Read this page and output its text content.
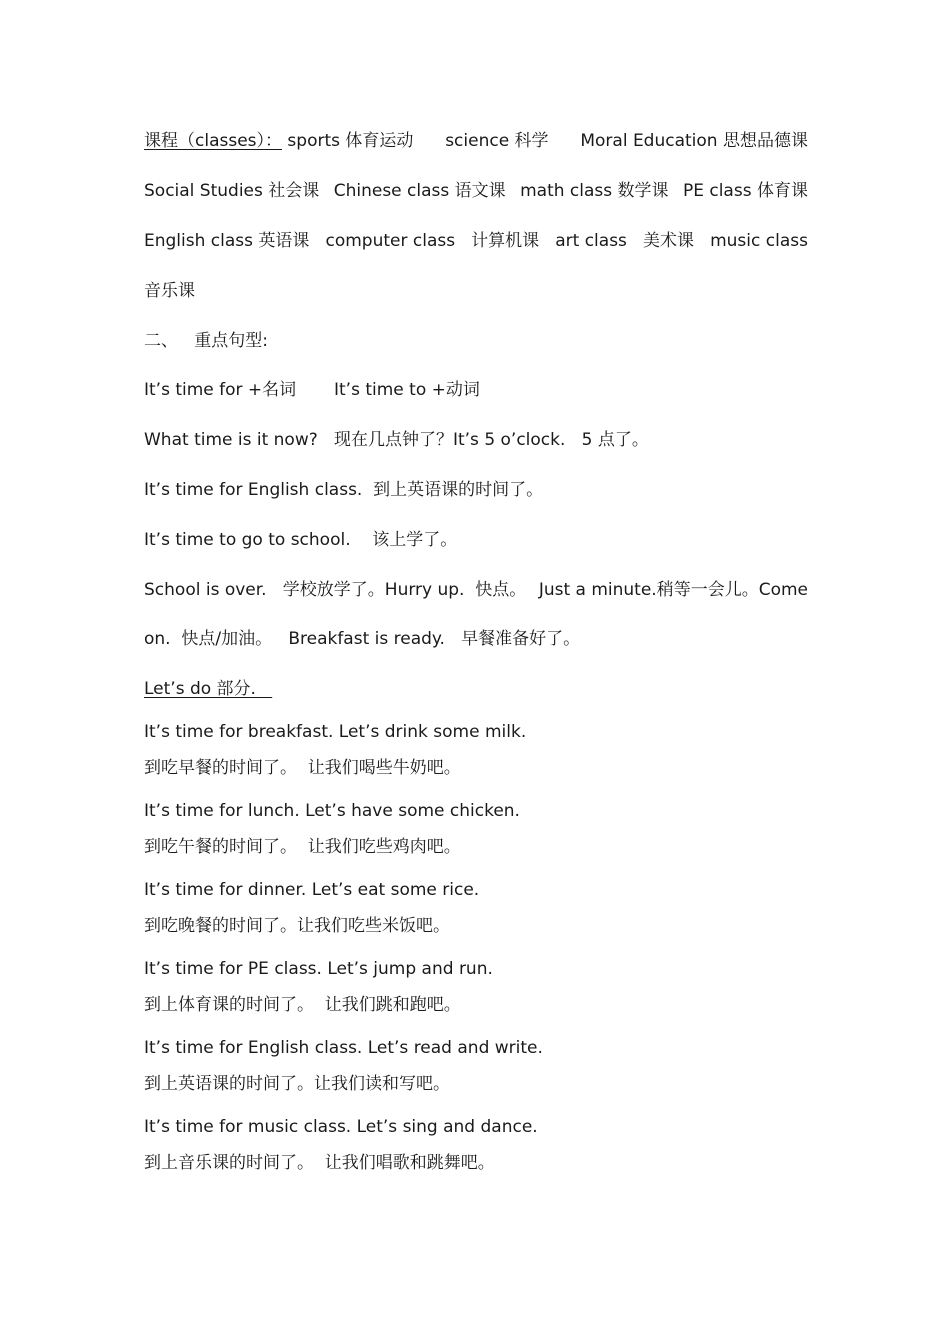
课程（classes）： sports 体育运动 science 科学 Moral Education 思想品德课
Social Studies 社会课 Chinese class 语文课 math class 数学课 PE class 体育课
English class 英语课 computer class 计算机课 art class 美术课 music class
音乐课
二、   重点句型:
It’s time for +名词       It’s time to +动词
What time is it now?   现在几点钟了？It’s 5 o’clock.   5 点了。
It’s time for English class.  到上英语课的时间了。
It’s time to go to school.    该上学了。
School is over.   学校放学了。Hurry up.  快点。 Just a minute.稍等一会儿。Come
on.  快点/加油。   Breakfast is ready.   早餐准备好了。
Let’s do 部分.
It’s time for breakfast. Let’s drink some milk.
到吃早餐的时间了。  让我们喝些牛奶吧。
It’s time for lunch. Let’s have some chicken.
到吃午餐的时间了。  让我们吃些鸡肉吧。
It’s time for dinner. Let’s eat some rice.
到吃晚餐的时间了。让我们吃些米饭吧。
It’s time for PE class. Let’s jump and run.
到上体育课的时间了。  让我们跳和跑吧。
It’s time for English class. Let’s read and write.
到上英语课的时间了。让我们读和写吧。
It’s time for music class. Let’s sing and dance.
到上音乐课的时间了。  让我们唱歌和跳舞吧。
